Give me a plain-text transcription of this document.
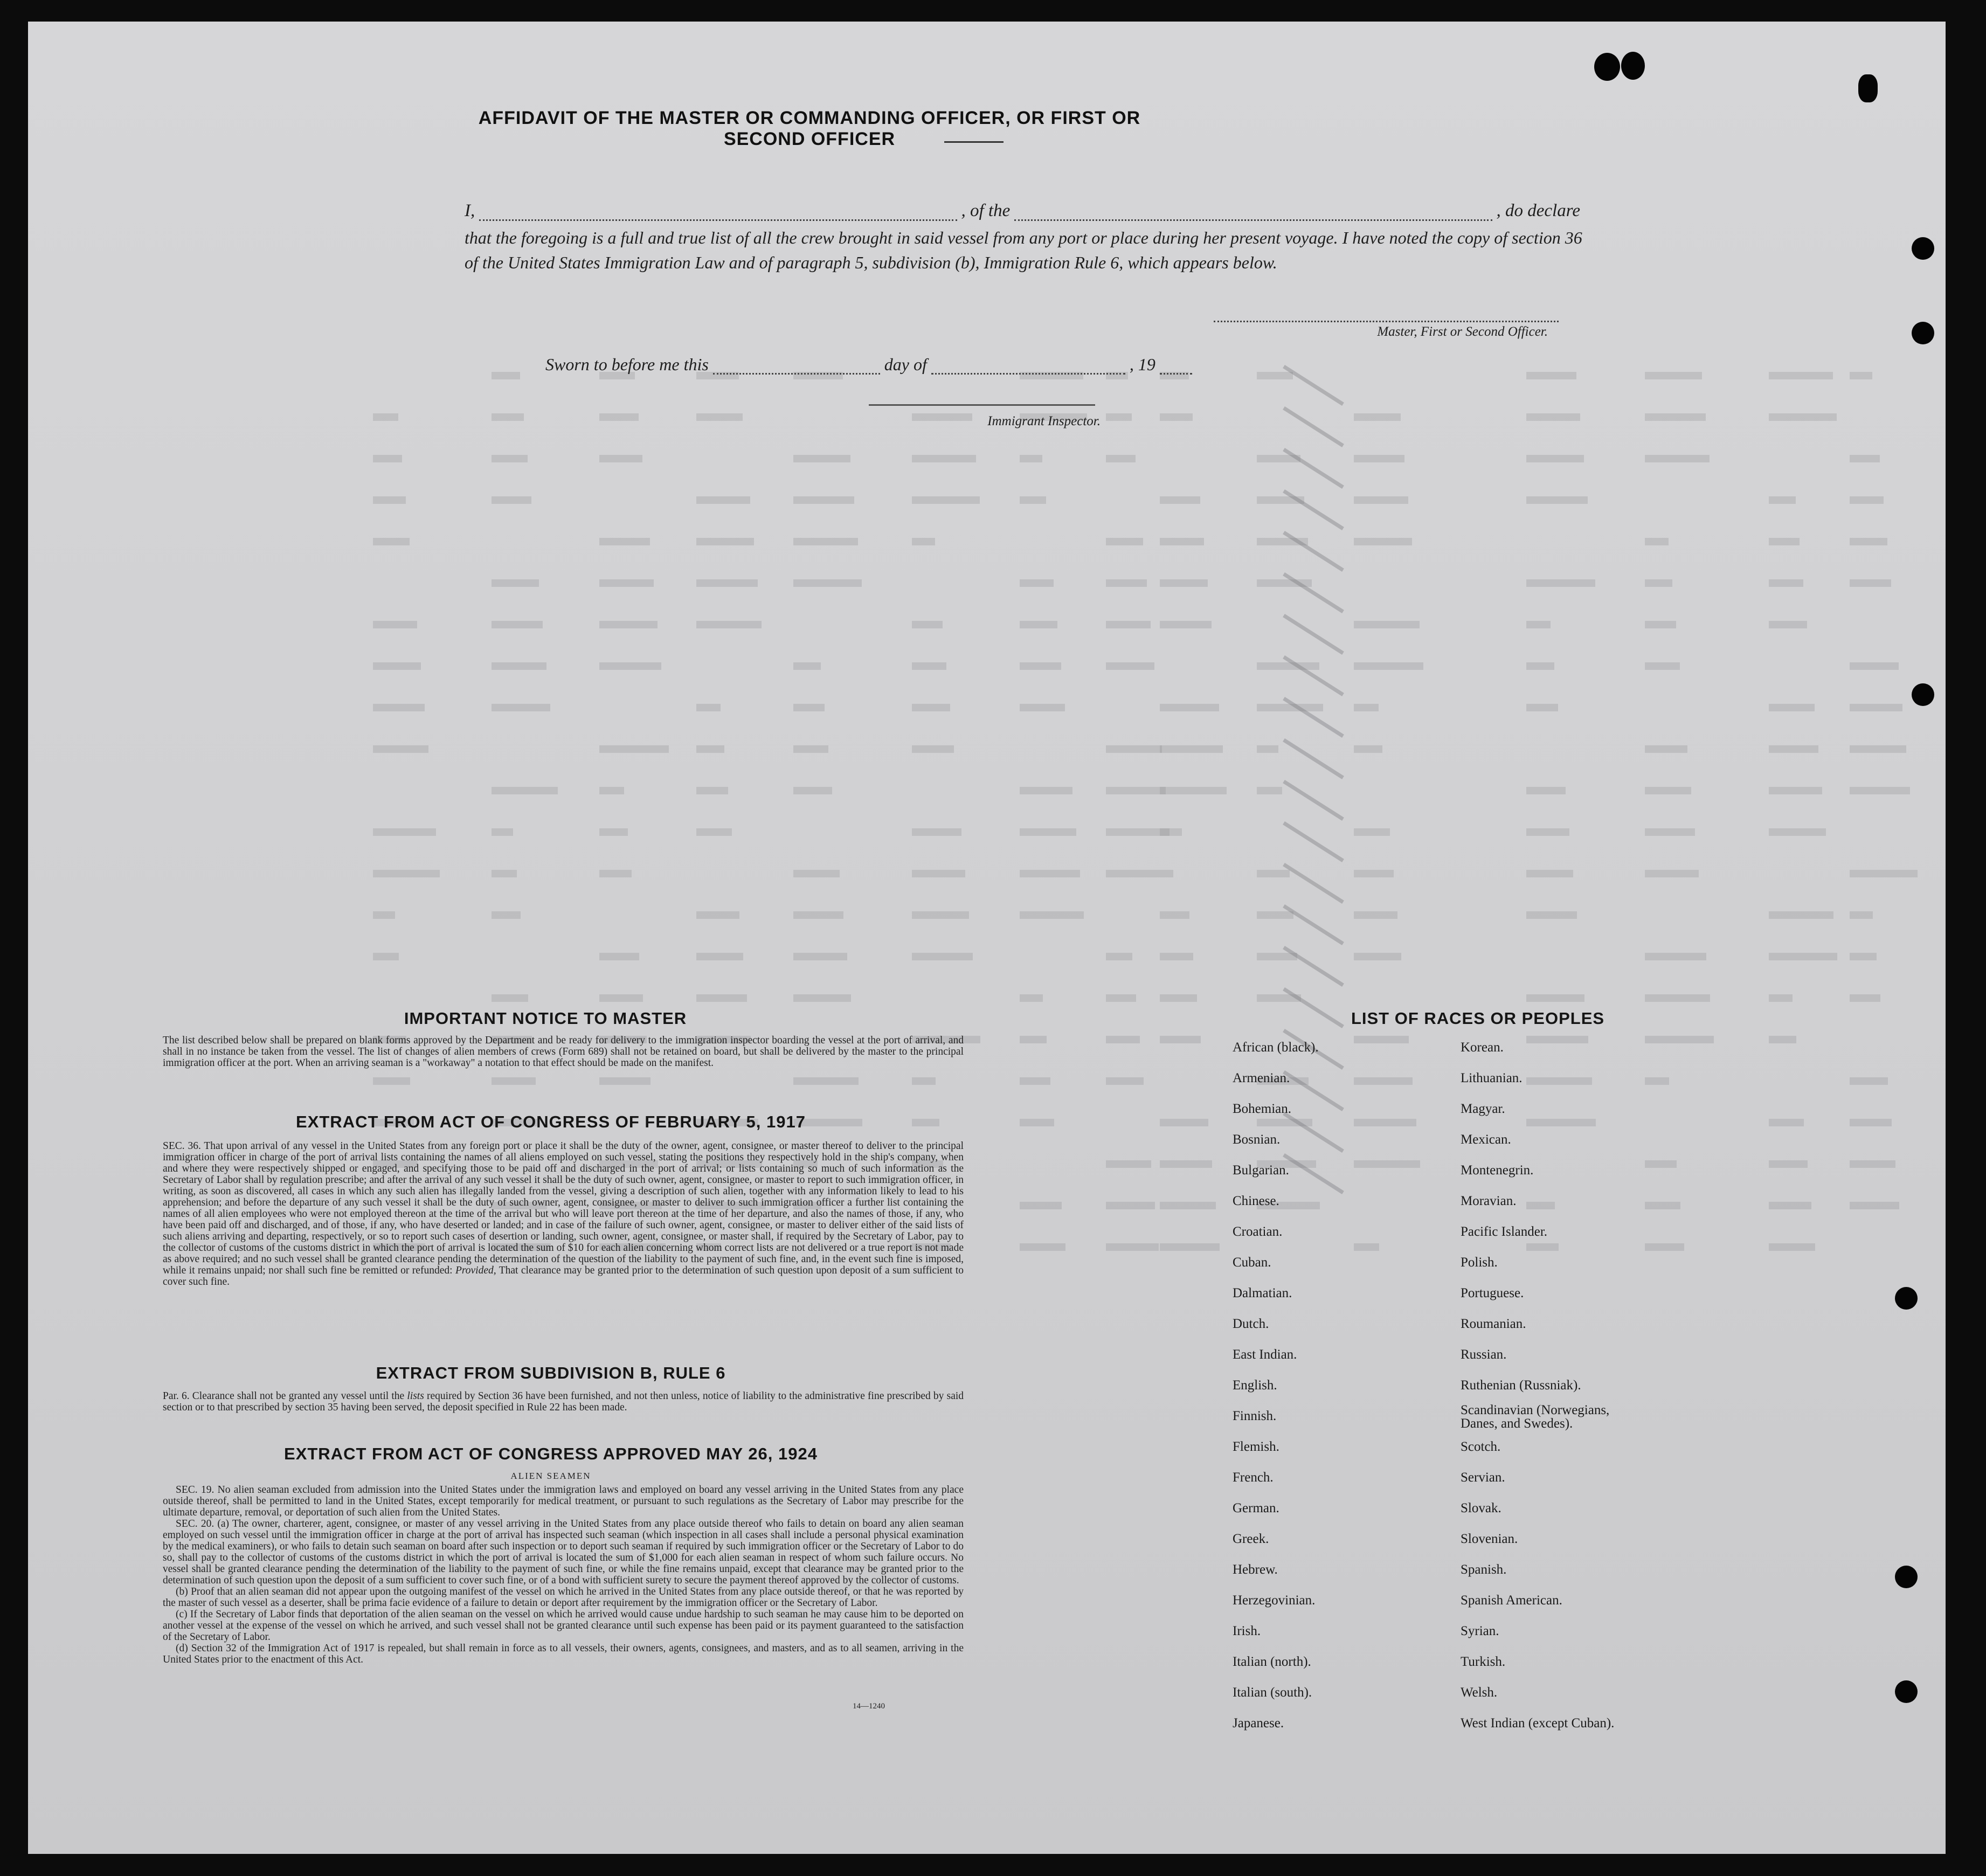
AFFIDAVIT OF THE MASTER OR COMMANDING OFFICER, OR FIRST OR SECOND OFFICER
I,	, of the	, do declare
that the foregoing is a full and true list of all the crew brought in said vessel from any port or place during her present voyage. I have noted the copy of section 36 of the United States Immigration Law and of paragraph 5, subdivision (b), Immigration Rule 6, which appears below.
Master, First or Second Officer.
Sworn to before me this	day of	, 19
Immigrant Inspector.
IMPORTANT NOTICE TO MASTER
The list described below shall be prepared on blank forms approved by the Department and be ready for delivery to the immigration inspector boarding the vessel at the port of arrival, and shall in no instance be taken from the vessel. The list of changes of alien members of crews (Form 689) shall not be retained on board, but shall be delivered by the master to the principal immigration officer at the port. When an arriving seaman is a "workaway" a notation to that effect should be made on the manifest.
EXTRACT FROM ACT OF CONGRESS OF FEBRUARY 5, 1917
SEC. 36. That upon arrival of any vessel in the United States from any foreign port or place it shall be the duty of the owner, agent, consignee, or master thereof to deliver to the principal immigration officer in charge of the port of arrival lists containing the names of all aliens employed on such vessel, stating the positions they respectively hold in the ship's company, when and where they were respectively shipped or engaged, and specifying those to be paid off and discharged in the port of arrival; or lists containing so much of such information as the Secretary of Labor shall by regulation prescribe; and after the arrival of any such vessel it shall be the duty of such owner, agent, consignee, or master to report to such immigration officer, in writing, as soon as discovered, all cases in which any such alien has illegally landed from the vessel, giving a description of such alien, together with any information likely to lead to his apprehension; and before the departure of any such vessel it shall be the duty of such owner, agent, consignee, or master to deliver to such immigration officer a further list containing the names of all alien employees who were not employed thereon at the time of the arrival but who will leave port thereon at the time of her departure, and also the names of those, if any, who have been paid off and discharged, and of those, if any, who have deserted or landed; and in case of the failure of such owner, agent, consignee, or master to deliver either of the said lists of such aliens arriving and departing, respectively, or so to report such cases of desertion or landing, such owner, agent, consignee, or master shall, if required by the Secretary of Labor, pay to the collector of customs of the customs district in which the port of arrival is located the sum of $10 for each alien concerning whom correct lists are not delivered or a true report is not made as above required; and no such vessel shall be granted clearance pending the determination of the question of the liability to the payment of such fine, and, in the event such fine is imposed, while it remains unpaid; nor shall such fine be remitted or refunded: Provided, That clearance may be granted prior to the determination of such question upon deposit of a sum sufficient to cover such fine.
EXTRACT FROM SUBDIVISION B, RULE 6
Par. 6. Clearance shall not be granted any vessel until the lists required by Section 36 have been furnished, and not then unless, notice of liability to the administrative fine prescribed by said section or to that prescribed by section 35 having been served, the deposit specified in Rule 22 has been made.
EXTRACT FROM ACT OF CONGRESS APPROVED MAY 26, 1924
ALIEN SEAMEN
SEC. 19. No alien seaman excluded from admission into the United States under the immigration laws and employed on board any vessel arriving in the United States from any place outside thereof, shall be permitted to land in the United States, except temporarily for medical treatment, or pursuant to such regulations as the Secretary of Labor may prescribe for the ultimate departure, removal, or deportation of such alien from the United States.
SEC. 20. (a) The owner, charterer, agent, consignee, or master of any vessel arriving in the United States from any place outside thereof who fails to detain on board any alien seaman employed on such vessel until the immigration officer in charge at the port of arrival has inspected such seaman (which inspection in all cases shall include a personal physical examination by the medical examiners), or who fails to detain such seaman on board after such inspection or to deport such seaman if required by such immigration officer or the Secretary of Labor to do so, shall pay to the collector of customs of the customs district in which the port of arrival is located the sum of $1,000 for each alien seaman in respect of whom such failure occurs. No vessel shall be granted clearance pending the determination of the liability to the payment of such fine, or while the fine remains unpaid, except that clearance may be granted prior to the determination of such question upon the deposit of a sum sufficient to cover such fine, or of a bond with sufficient surety to secure the payment thereof approved by the collector of customs.
(b) Proof that an alien seaman did not appear upon the outgoing manifest of the vessel on which he arrived in the United States from any place outside thereof, or that he was reported by the master of such vessel as a deserter, shall be prima facie evidence of a failure to detain or deport after requirement by the immigration officer or the Secretary of Labor.
(c) If the Secretary of Labor finds that deportation of the alien seaman on the vessel on which he arrived would cause undue hardship to such seaman he may cause him to be deported on another vessel at the expense of the vessel on which he arrived, and such vessel shall not be granted clearance until such expense has been paid or its payment guaranteed to the satisfaction of the Secretary of Labor.
(d) Section 32 of the Immigration Act of 1917 is repealed, but shall remain in force as to all vessels, their owners, agents, consignees, and masters, and as to all seamen, arriving in the United States prior to the enactment of this Act.
14—1240
LIST OF RACES OR PEOPLES
African (black).
Armenian.
Bohemian.
Bosnian.
Bulgarian.
Chinese.
Croatian.
Cuban.
Dalmatian.
Dutch.
East Indian.
English.
Finnish.
Flemish.
French.
German.
Greek.
Hebrew.
Herzegovinian.
Irish.
Italian (north).
Italian (south).
Japanese.
Korean.
Lithuanian.
Magyar.
Mexican.
Montenegrin.
Moravian.
Pacific Islander.
Polish.
Portuguese.
Roumanian.
Russian.
Ruthenian (Russniak).
Scandinavian (Norwegians, Danes, and Swedes).
Scotch.
Servian.
Slovak.
Slovenian.
Spanish.
Spanish American.
Syrian.
Turkish.
Welsh.
West Indian (except Cuban).
